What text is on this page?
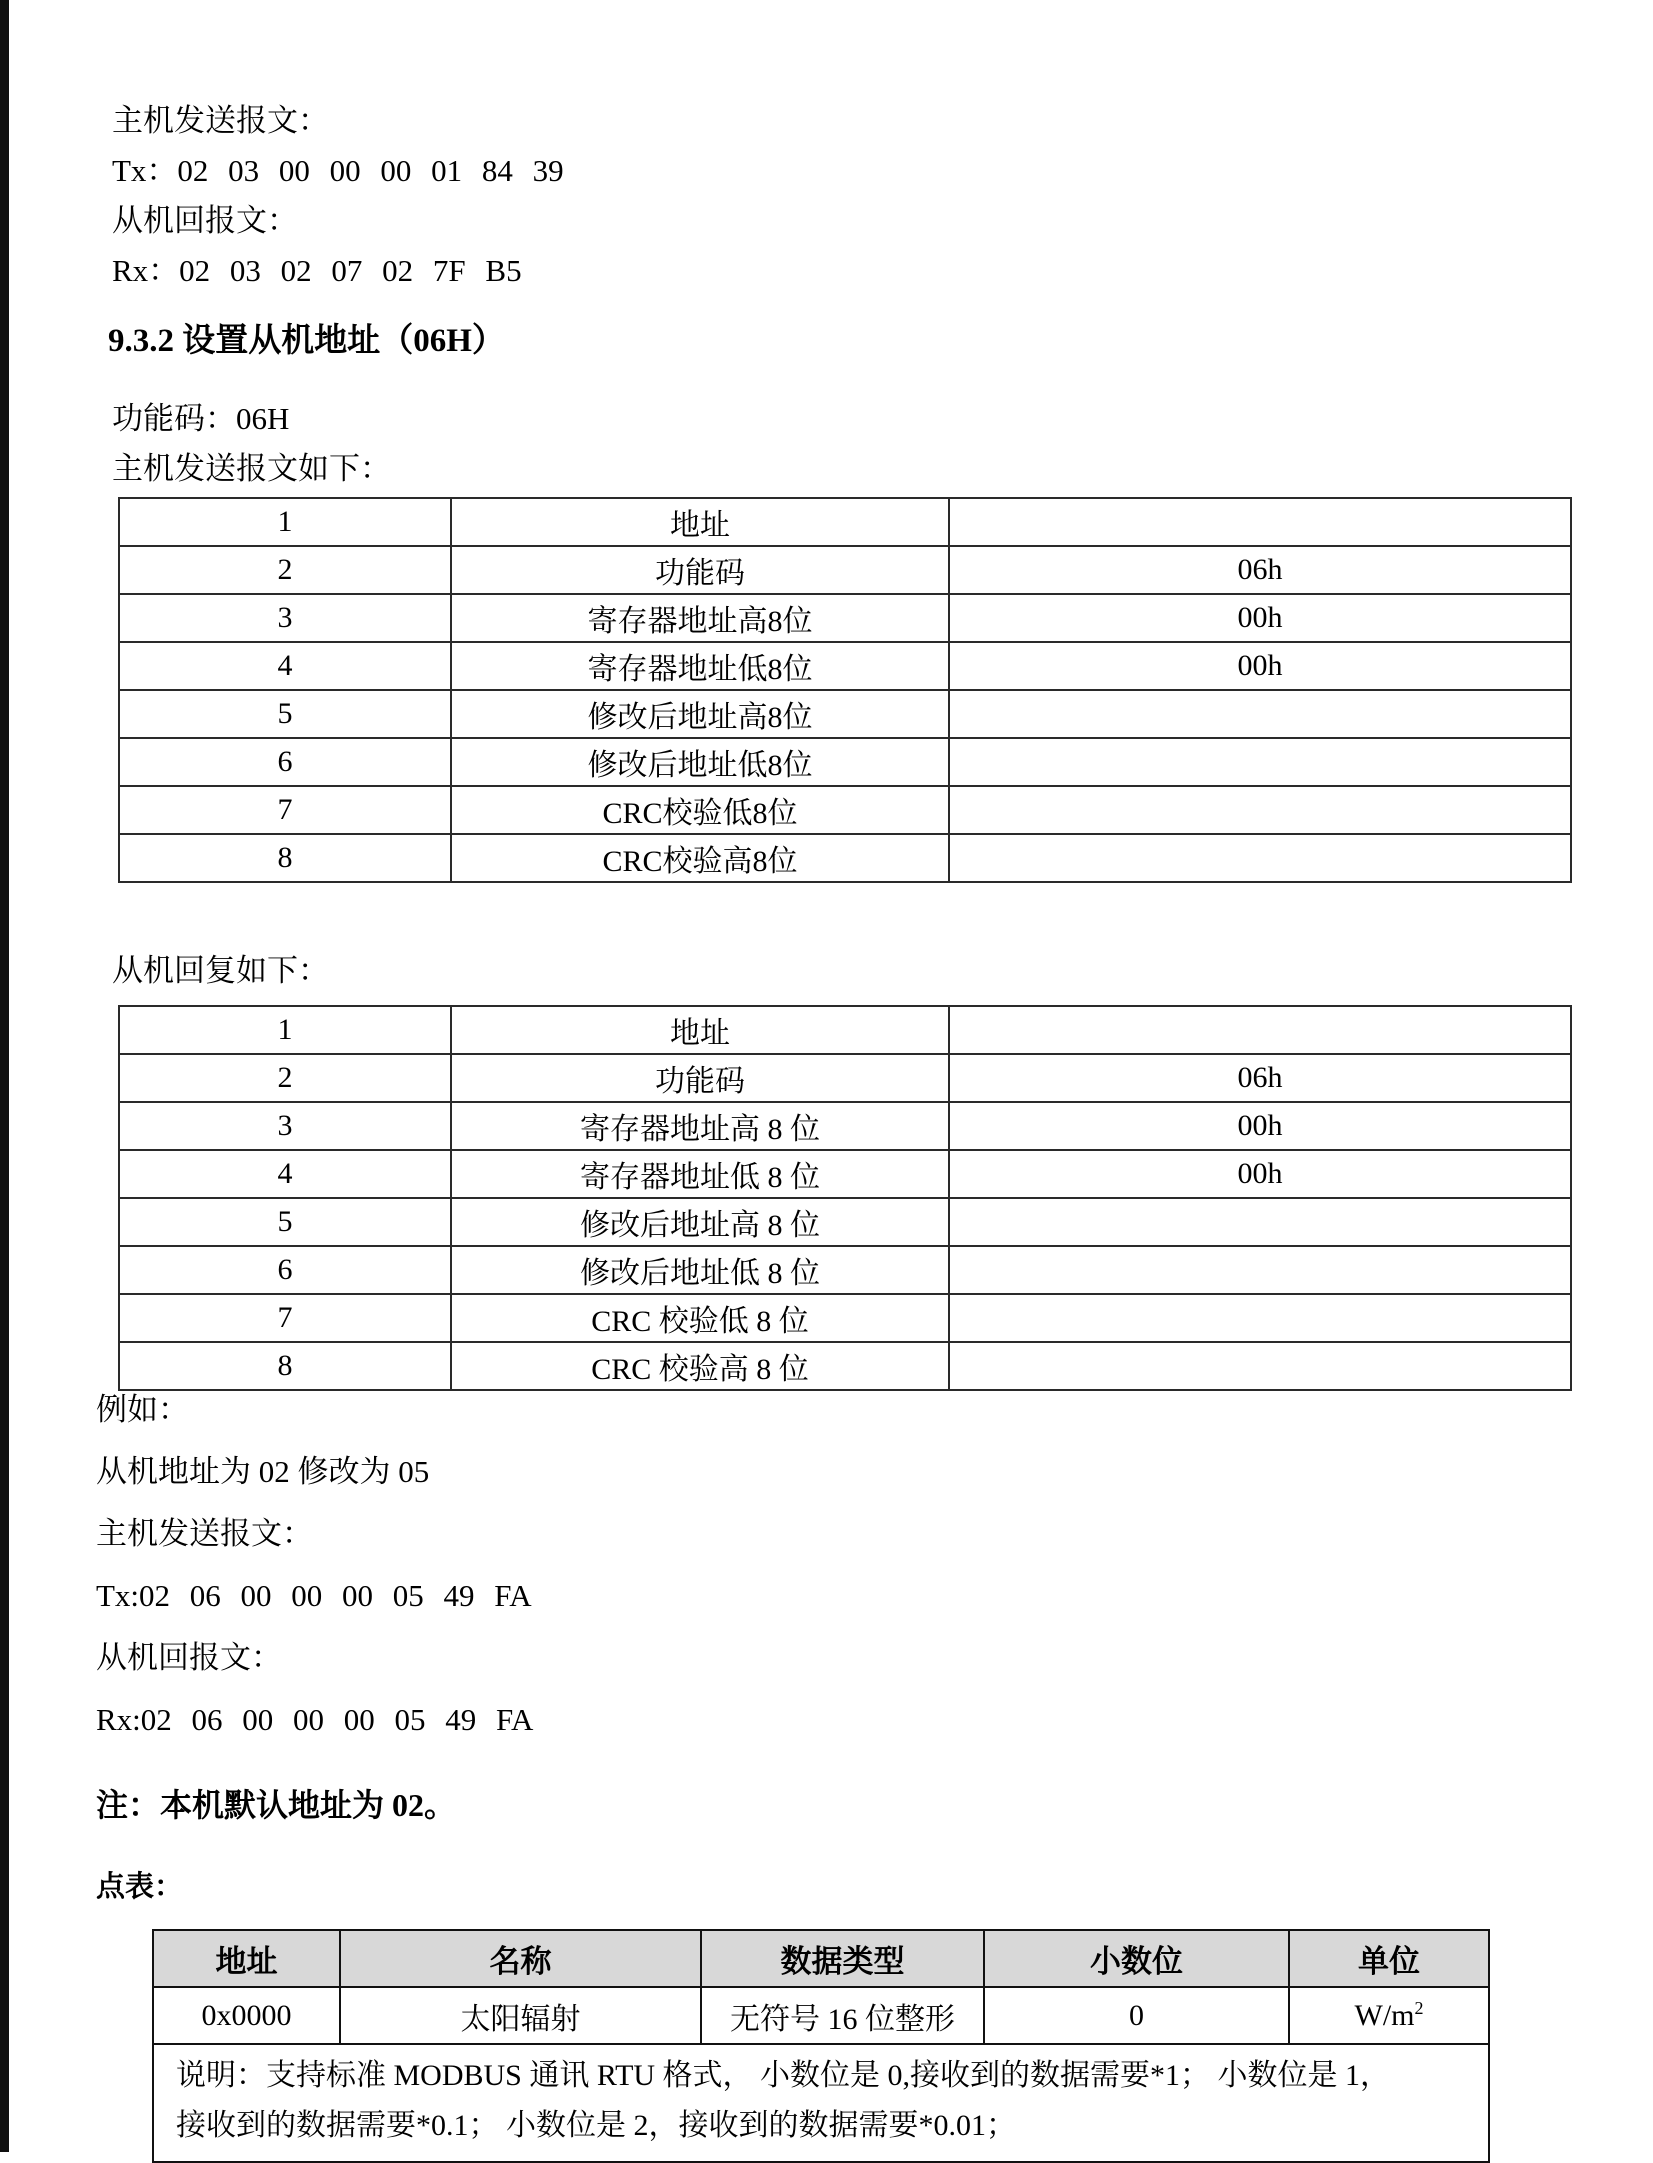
主机发送报文：
Tx：02 03 00 00 00 01 84 39
从机回报文：
Rx：02 03 02 07 02 7F B5
9.3.2 设置从机地址（06H）
功能码：06H
主机发送报文如下：
1	地址	
2	功能码	06h
3	寄存器地址高8位	00h
4	寄存器地址低8位	00h
5	修改后地址高8位	
6	修改后地址低8位	
7	CRC校验低8位	
8	CRC校验高8位	
从机回复如下：
1	地址	
2	功能码	06h
3	寄存器地址高 8 位	00h
4	寄存器地址低 8 位	00h
5	修改后地址高 8 位	
6	修改后地址低 8 位	
7	CRC 校验低 8 位	
8	CRC 校验高 8 位	
例如：
从机地址为 02 修改为 05
主机发送报文：
Tx:02 06 00 00 00 05 49 FA
从机回报文：
Rx:02 06 00 00 00 05 49 FA
注：本机默认地址为 02。
点表：
地址	名称	数据类型	小数位	单位
0x0000	太阳辐射	无符号 16 位整形	0	$W/m^2$

说明：支持标准 MODBUS 通讯 RTU 格式， 小数位是 0,接收到的数据需要*1； 小数位是 1，
接收到的数据需要*0.1； 小数位是 2，接收到的数据需要*0.01；				
